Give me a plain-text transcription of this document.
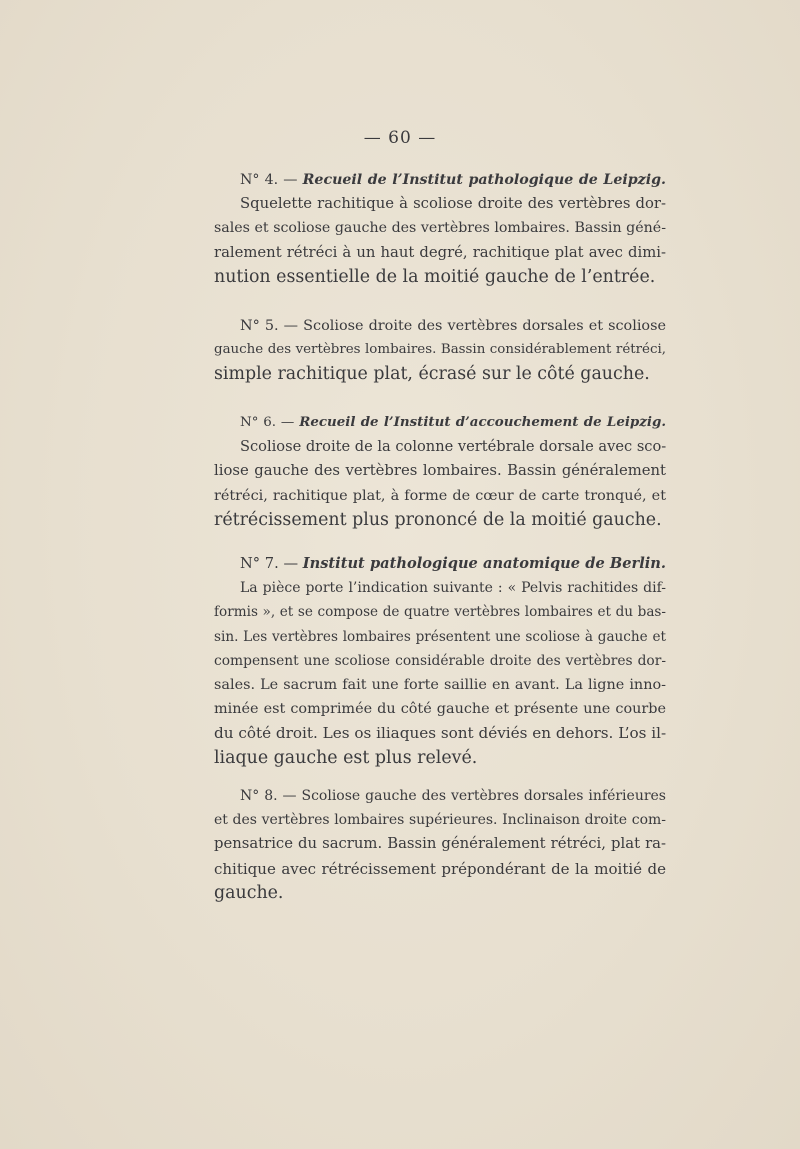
— 60 —
N° 4. — Recueil de l’Institut pathologique de Leipzig.
Squelette rachitique à scoliose droite des vertèbres dor-
sales et scoliose gauche des vertèbres lombaires. Bassin géné-
ralement rétréci à un haut degré, rachitique plat avec dimi-
nution essentielle de la moitié gauche de l’entrée.
N° 5. — Scoliose droite des vertèbres dorsales et scoliose
gauche des vertèbres lombaires. Bassin considérablement rétréci,
simple rachitique plat, écrasé sur le côté gauche.
N° 6. — Recueil de l’Institut d’accouchement de Leipzig.
Scoliose droite de la colonne vertébrale dorsale avec sco-
liose gauche des vertèbres lombaires. Bassin généralement
rétréci, rachitique plat, à forme de cœur de carte tronqué, et
rétrécissement plus prononcé de la moitié gauche.
N° 7. — Institut pathologique anatomique de Berlin.
La pièce porte l’indication suivante : « Pelvis rachitides dif-
formis », et se compose de quatre vertèbres lombaires et du bas-
sin. Les vertèbres lombaires présentent une scoliose à gauche et
compensent une scoliose considérable droite des vertèbres dor-
sales. Le sacrum fait une forte saillie en avant. La ligne inno-
minée est comprimée du côté gauche et présente une courbe
du côté droit. Les os iliaques sont déviés en dehors. L’os il-
liaque gauche est plus relevé.
N° 8. — Scoliose gauche des vertèbres dorsales inférieures
et des vertèbres lombaires supérieures. Inclinaison droite com-
pensatrice du sacrum. Bassin généralement rétréci, plat ra-
chitique avec rétrécissement prépondérant de la moitié de
gauche.
